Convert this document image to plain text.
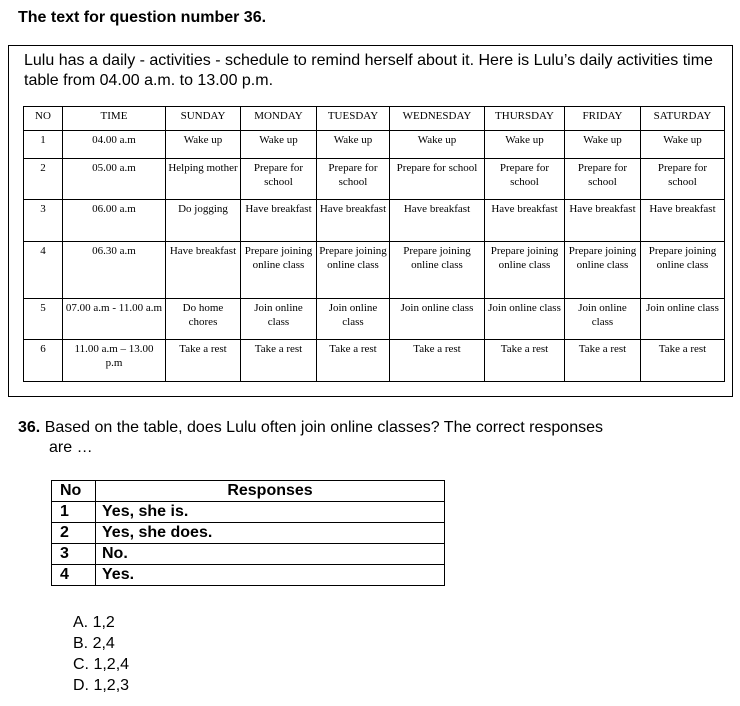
The text for question number 36.
Lulu has a daily - activities - schedule to remind herself about it. Here is Lulu’s daily activities time table from 04.00 a.m. to 13.00 p.m.
NO	TIME	SUNDAY	MONDAY	TUESDAY	WEDNESDAY	THURSDAY	FRIDAY	SATURDAY
1	04.00 a.m	Wake up	Wake up	Wake up	Wake up	Wake up	Wake up	Wake up
2	05.00 a.m	Helping mother	Prepare for school	Prepare for school	Prepare for school	Prepare for school	Prepare for school	Prepare for school
3	06.00 a.m	Do jogging	Have breakfast	Have breakfast	Have breakfast	Have breakfast	Have breakfast	Have breakfast
4	06.30 a.m	Have breakfast	Prepare joining online class	Prepare joining online class	Prepare joining online class	Prepare joining online class	Prepare joining online class	Prepare joining online class
5	07.00 a.m - 11.00 a.m	Do home chores	Join online class	Join online class	Join online class	Join online class	Join online class	Join online class
6	11.00 a.m – 13.00 p.m	Take a rest	Take a rest	Take a rest	Take a rest	Take a rest	Take a rest	Take a rest
36. Based on the table, does Lulu often join online classes? The correct responses
are …
No	Responses
1	Yes, she is.
2	Yes, she does.
3	No.
4	Yes.
A. 1,2
B. 2,4
C. 1,2,4
D. 1,2,3
